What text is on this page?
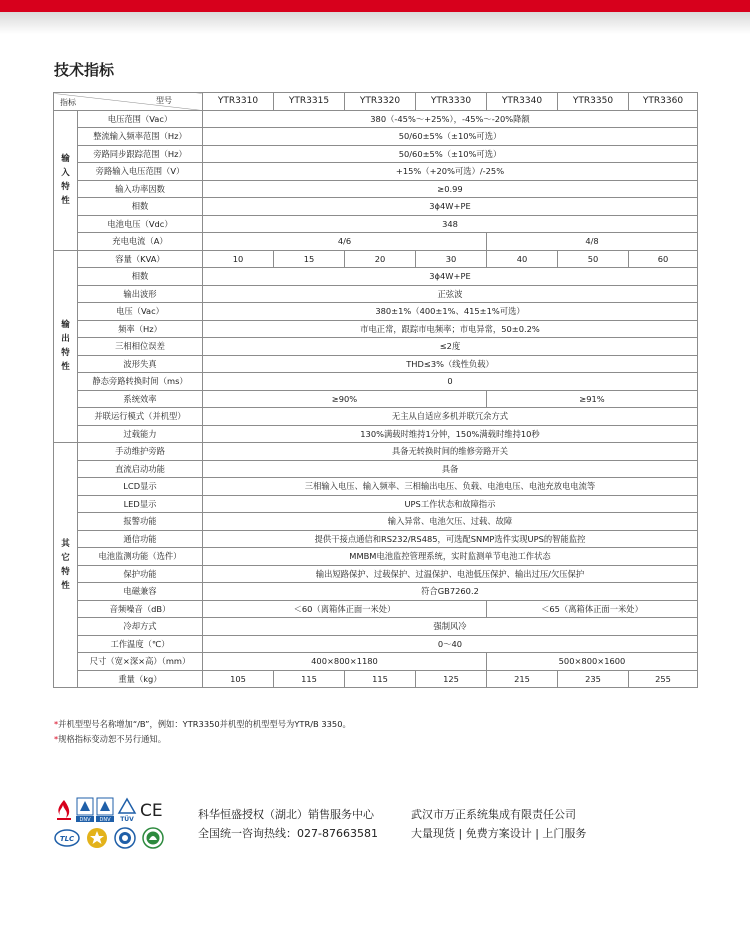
技术指标
型号
指标		YTR3310	YTR3315	YTR3320	YTR3330	YTR3340	YTR3350	YTR3360
输
入
特
性	电压范围（Vac）	380（-45%～+25%），-45%～-20%降额						
	整流输入频率范围（Hz）	50/60±5%（±10%可选）						
	旁路同步跟踪范围（Hz）	50/60±5%（±10%可选）						
	旁路输入电压范围（V）	+15%（+20%可选）/-25%						
	输入功率因数	≥0.99						
	相数	3ϕ4W+PE						
	电池电压（Vdc）	348						
	充电电流（A）	4/6				4/8		
输
出
特
性	容量（KVA）	10	15	20	30	40	50	60
	相数	3ϕ4W+PE						
	输出波形	正弦波						
	电压（Vac）	380±1%（400±1%、415±1%可选）						
	频率（Hz）	市电正常，跟踪市电频率；市电异常，50±0.2%						
	三相相位误差	≤2度						
	波形失真	THD≤3%（线性负载）						
	静态旁路转换时间（ms）	0						
	系统效率	≥90%				≥91%		
	并联运行模式（并机型）	无主从自适应多机并联冗余方式						
	过载能力	130%满载时维持1分钟，150%满载时维持10秒						
其
它
特
性	手动维护旁路	具备无转换时间的维修旁路开关						
	直流启动功能	具备						
	LCD显示	三相输入电压、输入频率、三相输出电压、负载、电池电压、电池充放电电流等						
	LED显示	UPS工作状态和故障指示						
	报警功能	输入异常、电池欠压、过载、故障						
	通信功能	提供干接点通信和RS232/RS485，可选配SNMP选件实现UPS的智能监控						
	电池监测功能（选件）	MMBM电池监控管理系统，实时监测单节电池工作状态						
	保护功能	输出短路保护、过载保护、过温保护、电池低压保护、输出过压/欠压保护						
	电磁兼容	符合GB7260.2						
	音频噪音（dB）	＜60（离箱体正面一米处）				＜65（离箱体正面一米处）		
	冷却方式	强制风冷						
	工作温度（℃）	0～40						
	尺寸（宽×深×高）（mm）	400×800×1180				500×800×1600		
	重量（kg）	105	115	115	125	215	235	255
*并机型型号名称增加“/B”，例如：YTR3350并机型的机型型号为YTR/B 3350。
*规格指标变动恕不另行通知。
DNV DNV TÜV CE
TLC
科华恒盛授权（湖北）销售服务中心	武汉市万正系统集成有限责任公司
全国统一咨询热线：027-87663581	大量现货 | 免费方案设计 | 上门服务
